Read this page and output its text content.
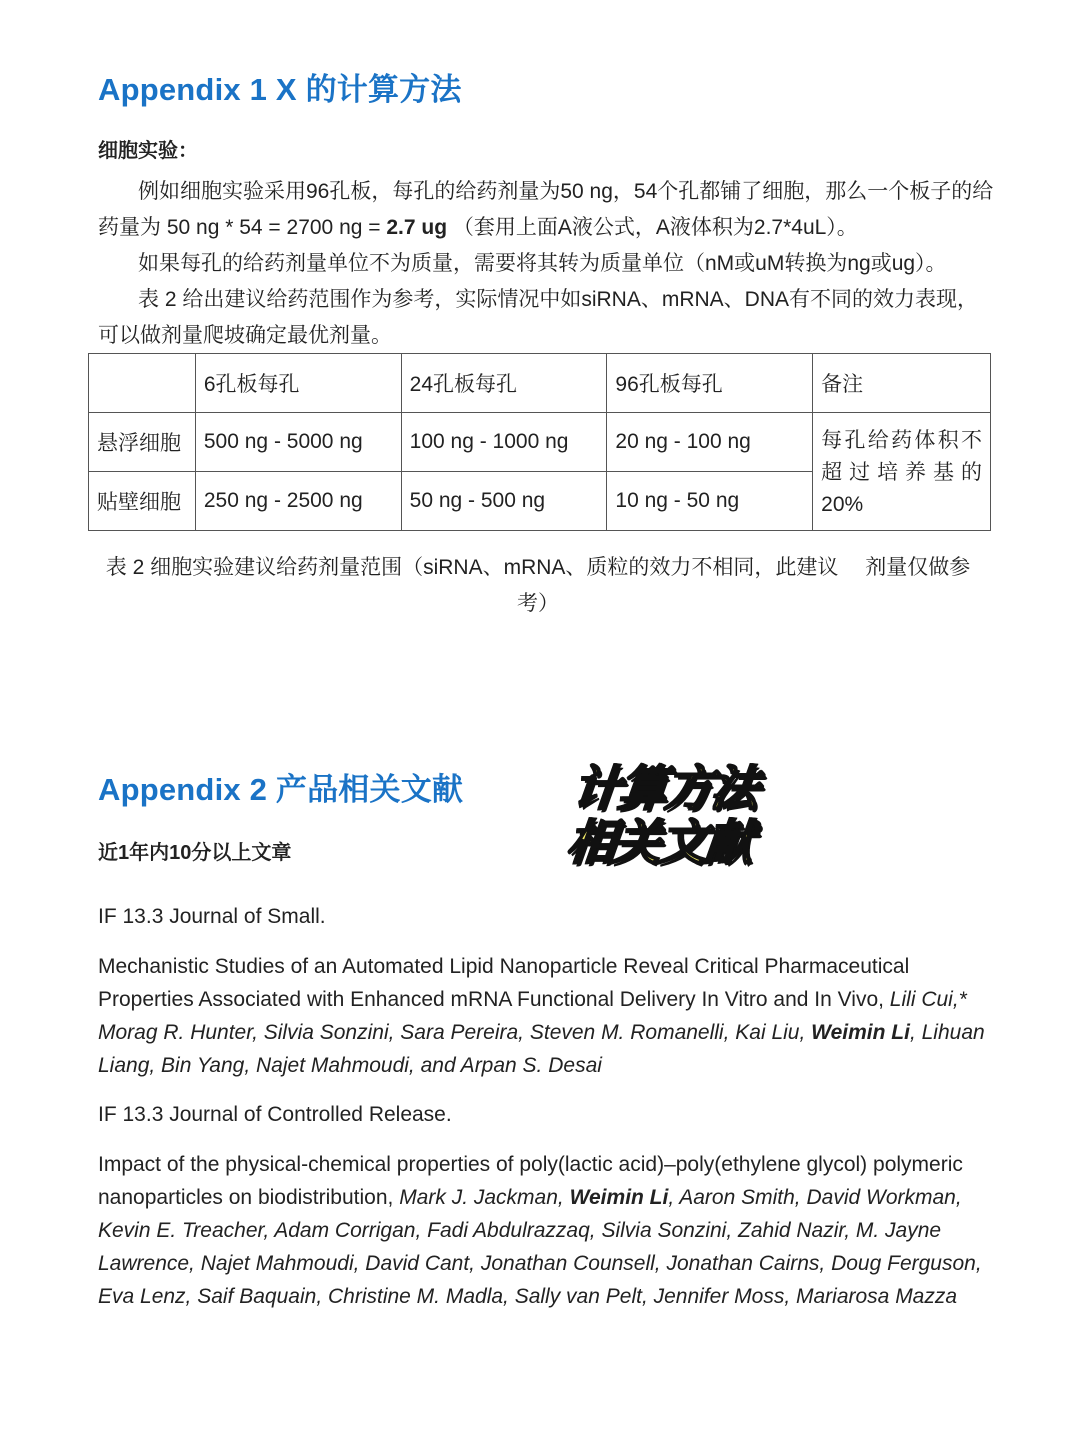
Appendix 1 X 的计算方法
细胞实验：
例如细胞实验采用96孔板，每孔的给药剂量为50 ng，54个孔都铺了细胞，那么一个板子的给药量为 50 ng * 54 = 2700 ng = 2.7 ug （套用上面A液公式，A液体积为2.7*4uL）。
如果每孔的给药剂量单位不为质量，需要将其转为质量单位（nM或uM转换为ng或ug）。
表 2 给出建议给药范围作为参考，实际情况中如siRNA、mRNA、DNA有不同的效力表现，可以做剂量爬坡确定最优剂量。
	6孔板每孔	24孔板每孔	96孔板每孔	备注
悬浮细胞	500 ng - 5000 ng	100 ng - 1000 ng	20 ng - 100 ng	每孔给药体积不超过培养基的20%
贴壁细胞	250 ng - 2500 ng	50 ng - 500 ng	10 ng - 50 ng	
表 2 细胞实验建议给药剂量范围（siRNA、mRNA、质粒的效力不相同，此建议　 剂量仅做参考）
Appendix 2 产品相关文献
近1年内10分以上文章
计算方法
相关文献
IF 13.3 Journal of Small.
Mechanistic Studies of an Automated Lipid Nanoparticle Reveal Critical Pharmaceutical Properties Associated with Enhanced mRNA Functional Delivery In Vitro and In Vivo, Lili Cui,* Morag R. Hunter, Silvia Sonzini, Sara Pereira, Steven M. Romanelli, Kai Liu, Weimin Li, Lihuan Liang, Bin Yang, Najet Mahmoudi, and Arpan S. Desai
IF 13.3 Journal of Controlled Release.
Impact of the physical-chemical properties of poly(lactic acid)–poly(ethylene glycol) polymeric nanoparticles on biodistribution, Mark J. Jackman, Weimin Li, Aaron Smith, David Workman, Kevin E. Treacher, Adam Corrigan, Fadi Abdulrazzaq, Silvia Sonzini, Zahid Nazir, M. Jayne Lawrence, Najet Mahmoudi, David Cant, Jonathan Counsell, Jonathan Cairns, Doug Ferguson, Eva Lenz, Saif Baquain, Christine M. Madla, Sally van Pelt, Jennifer Moss, Mariarosa Mazza
